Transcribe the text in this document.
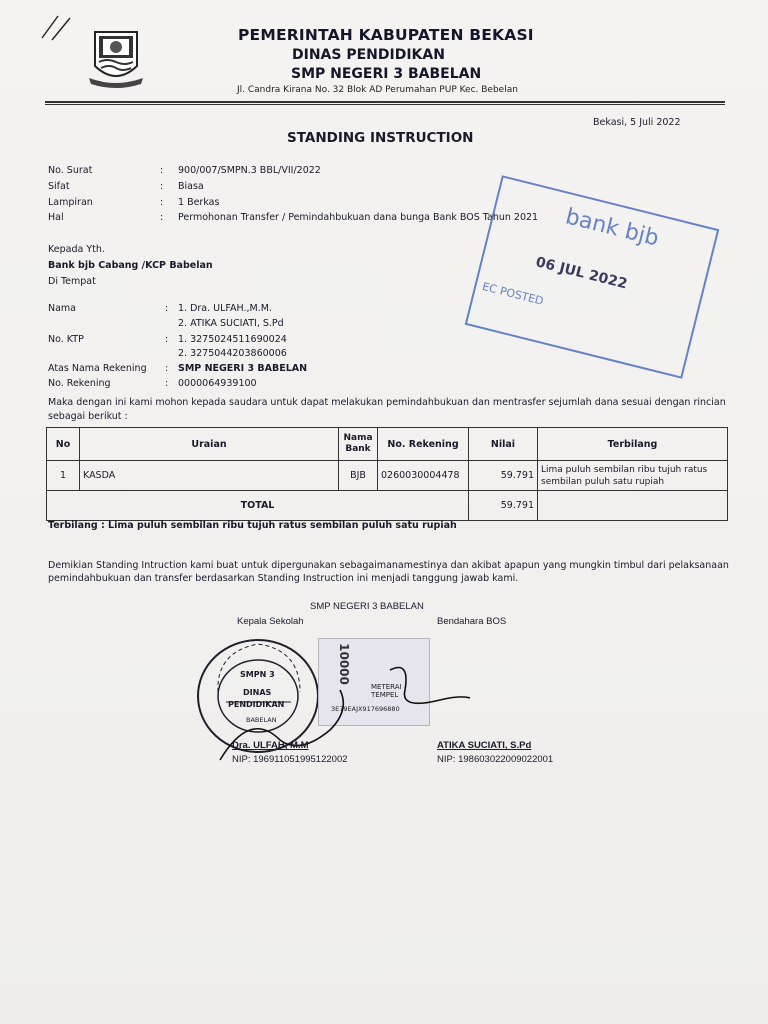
PEMERINTAH KABUPATEN BEKASI
DINAS PENDIDIKAN
SMP NEGERI 3 BABELAN
Jl. Candra Kirana No. 32 Blok AD Perumahan PUP Kec. Bebelan
Bekasi, 5 Juli 2022
STANDING INSTRUCTION
No. Surat	: 900/007/SMPN.3 BBL/VII/2022
Sifat	: Biasa
Lampiran	: 1 Berkas
Hal	: Permohonan Transfer / Pemindahbukuan dana bunga Bank BOS Tahun 2021
Kepada Yth.
Bank bjb Cabang /KCP Babelan
Di Tempat
Nama	: 1. Dra. ULFAH.,M.M.
2. ATIKA SUCIATI, S.Pd
No. KTP	: 1. 3275024511690024
2. 3275044203860006
Atas Nama Rekening : SMP NEGERI 3 BABELAN
No. Rekening	: 0000064939100
Maka dengan ini kami mohon kepada saudara untuk dapat melakukan pemindahbukuan dan mentrasfer sejumlah dana sesuai dengan rincian
sebagai berikut :
No	Uraian	Nama Bank	No. Rekening	Nilai	Terbilang
1	KASDA	BJB	0260030004478	59.791	Lima puluh sembilan ribu tujuh ratus
sembilan puluh satu rupiah

TOTAL				59.791	
Terbilang : Lima puluh sembilan ribu tujuh ratus sembilan puluh satu rupiah
Demikian Standing Intruction kami buat untuk dipergunakan sebagaimanamestinya dan akibat apapun yang mungkin timbul dari pelaksanaan
pemindahbukuan dan transfer berdasarkan Standing Instruction ini menjadi tanggung jawab kami.
SMP NEGERI 3 BABELAN
Kepala Sekolah	Bendahara BOS
SMPN 3
DINAS
PENDIDIKAN
BABELAN
10000
METERAI TEMPEL
3E79EAJX917696880
Dra. ULFAH, M.M
NIP: 196911051995122002
ATIKA SUCIATI, S.Pd
NIP: 198603022009022001
bank bjb
06 JUL 2022
EC POSTED
